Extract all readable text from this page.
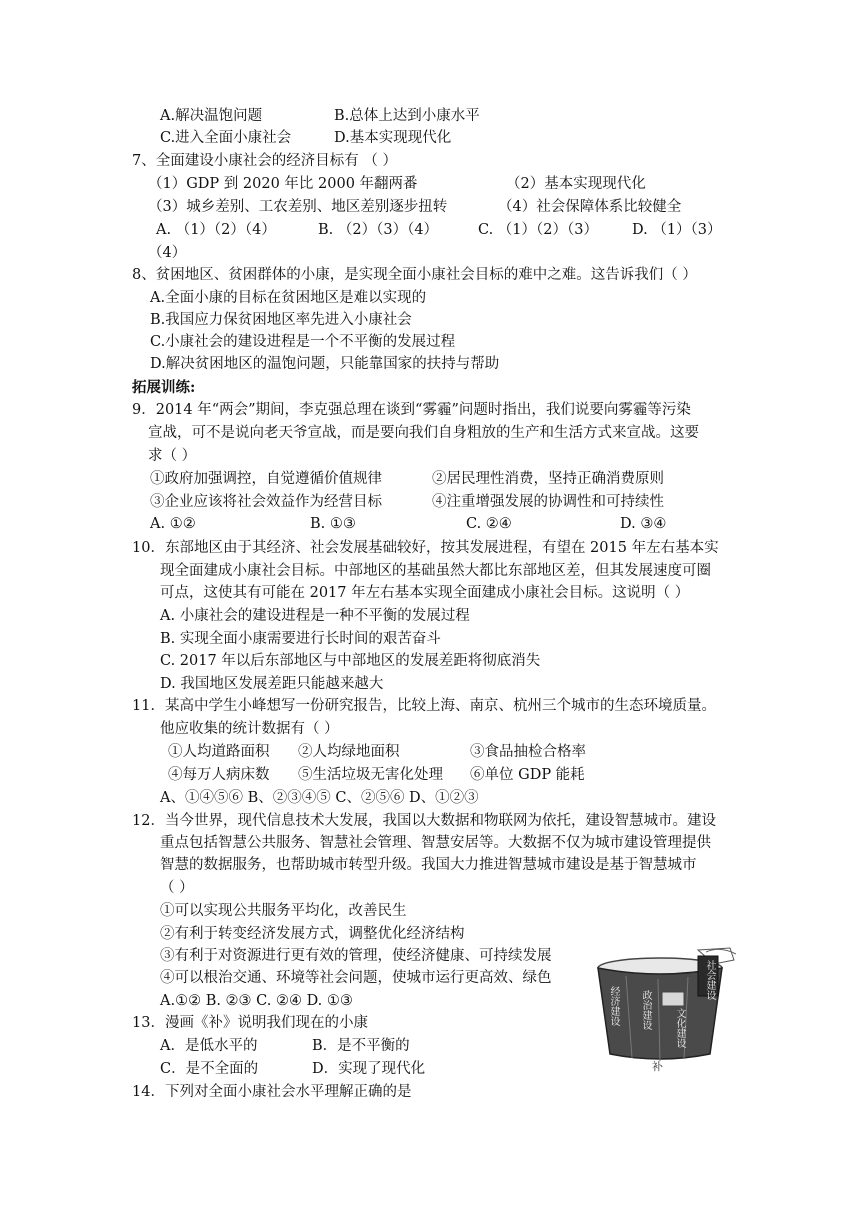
A.解决温饱问题	B.总体上达到小康水平
C.进入全面小康社会	D.基本实现现代化
7、全面建设小康社会的经济目标有 （ ）
（1）GDP 到 2020 年比 2000 年翻两番	（2）基本实现现代化
（3）城乡差别、工农差别、地区差别逐步扭转	（4）社会保障体系比较健全
A. （1）（2）（4）	B. （2）（3）（4）	C. （1）（2）（3） D. （1）（3）
（4）
8、贫困地区、贫困群体的小康，是实现全面小康社会目标的难中之难。这告诉我们（ ）
A.全面小康的目标在贫困地区是难以实现的
B.我国应力保贫困地区率先进入小康社会
C.小康社会的建设进程是一个不平衡的发展过程
D.解决贫困地区的温饱问题，只能靠国家的扶持与帮助
拓展训练:
9．2014 年“两会”期间，李克强总理在谈到“雾霾”问题时指出，我们说要向雾霾等污染
宣战，可不是说向老天爷宣战，而是要向我们自身粗放的生产和生活方式来宣战。这要
求（ ）
①政府加强调控，自觉遵循价值规律	②居民理性消费，坚持正确消费原则
③企业应该将社会效益作为经营目标	④注重增强发展的协调性和可持续性
A. ①②	B. ①③	C. ②④	D. ③④
10．东部地区由于其经济、社会发展基础较好，按其发展进程，有望在 2015 年左右基本实
现全面建成小康社会目标。中部地区的基础虽然大都比东部地区差，但其发展速度可圈
可点，这使其有可能在 2017 年左右基本实现全面建成小康社会目标。这说明（ ）
A. 小康社会的建设进程是一种不平衡的发展过程
B. 实现全面小康需要进行长时间的艰苦奋斗
C. 2017 年以后东部地区与中部地区的发展差距将彻底消失
D. 我国地区发展差距只能越来越大
11．某高中学生小峰想写一份研究报告，比较上海、南京、杭州三个城市的生态环境质量。
他应收集的统计数据有（ ）
①人均道路面积 ②人均绿地面积	③食品抽检合格率
④每万人病床数 ⑤生活垃圾无害化处理 ⑥单位 GDP 能耗
A、①④⑤⑥ B、②③④⑤ C、②⑤⑥ D、①②③
12．当今世界，现代信息技术大发展，我国以大数据和物联网为依托，建设智慧城市。建设
重点包括智慧公共服务、智慧社会管理、智慧安居等。大数据不仅为城市建设管理提供
智慧的数据服务，也帮助城市转型升级。我国大力推进智慧城市建设是基于智慧城市
（ ）
①可以实现公共服务平均化，改善民生
②有利于转变经济发展方式，调整优化经济结构
③有利于对资源进行更有效的管理，使经济健康、可持续发展
④可以根治交通、环境等社会问题，使城市运行更高效、绿色
A.①② B. ②③ C. ②④ D. ①③
13．漫画《补》说明我们现在的小康
A．是低水平的	B．是不平衡的
C．是不全面的	D．实现了现代化
14．下列对全面小康社会水平理解正确的是
经济建设 政治建设 文化建设
社会建设
补
